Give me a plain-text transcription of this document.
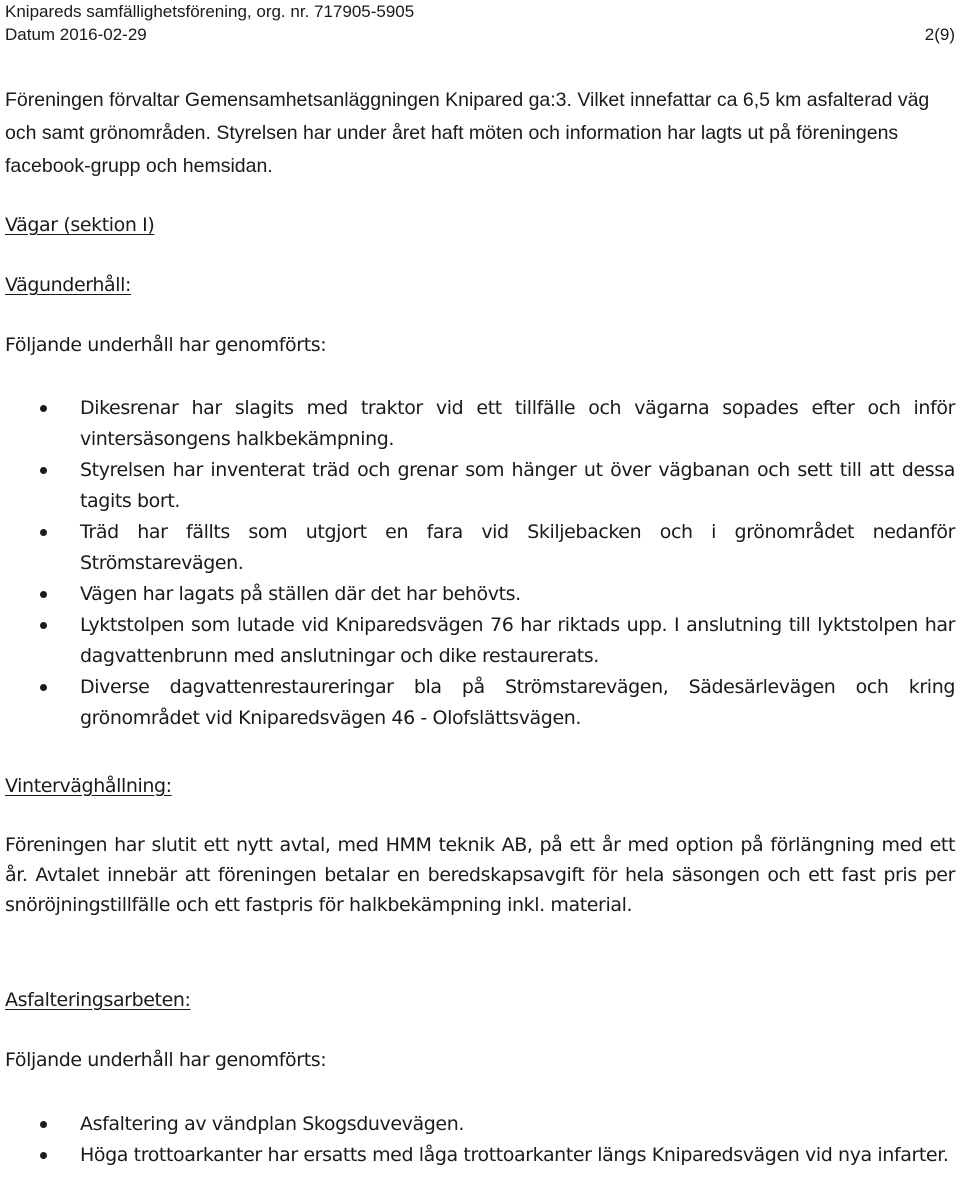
Knipareds samfällighetsförening, org. nr. 717905-5905
Datum 2016-02-29	2(9)

Föreningen förvaltar Gemensamhetsanläggningen Knipared ga:3. Vilket innefattar ca 6,5 km asfalterad väg och samt grönområden. Styrelsen har under året haft möten och information har lagts ut på föreningens facebook-grupp och hemsidan.

Vägar (sektion I)
Vägunderhåll:

Följande underhåll har genomförts:

Dikesrenar har slagits med traktor vid ett tillfälle och vägarna sopades efter och inför vintersäsongens halkbekämpning.
Styrelsen har inventerat träd och grenar som hänger ut över vägbanan och sett till att dessa tagits bort.
Träd har fällts som utgjort en fara vid Skiljebacken och i grönområdet nedanför Strömstarevägen.
Vägen har lagats på ställen där det har behövts.
Lyktstolpen som lutade vid Kniparedsvägen 76 har riktads upp. I anslutning till lyktstolpen har dagvattenbrunn med anslutningar och dike restaurerats.
Diverse dagvattenrestaureringar bla på Strömstarevägen, Sädesärlevägen och kring grönområdet vid Kniparedsvägen 46 - Olofslättsvägen.
Vinterväghållning:

Föreningen har slutit ett nytt avtal, med HMM teknik AB, på ett år med option på förlängning med ett år. Avtalet innebär att föreningen betalar en beredskapsavgift för hela säsongen och ett fast pris per snöröjningstillfälle och ett fastpris för halkbekämpning inkl. material.

Asfalteringsarbeten:

Följande underhåll har genomförts:

Asfaltering av vändplan Skogsduvevägen.
Höga trottoarkanter har ersatts med låga trottoarkanter längs Kniparedsvägen vid nya infarter.
